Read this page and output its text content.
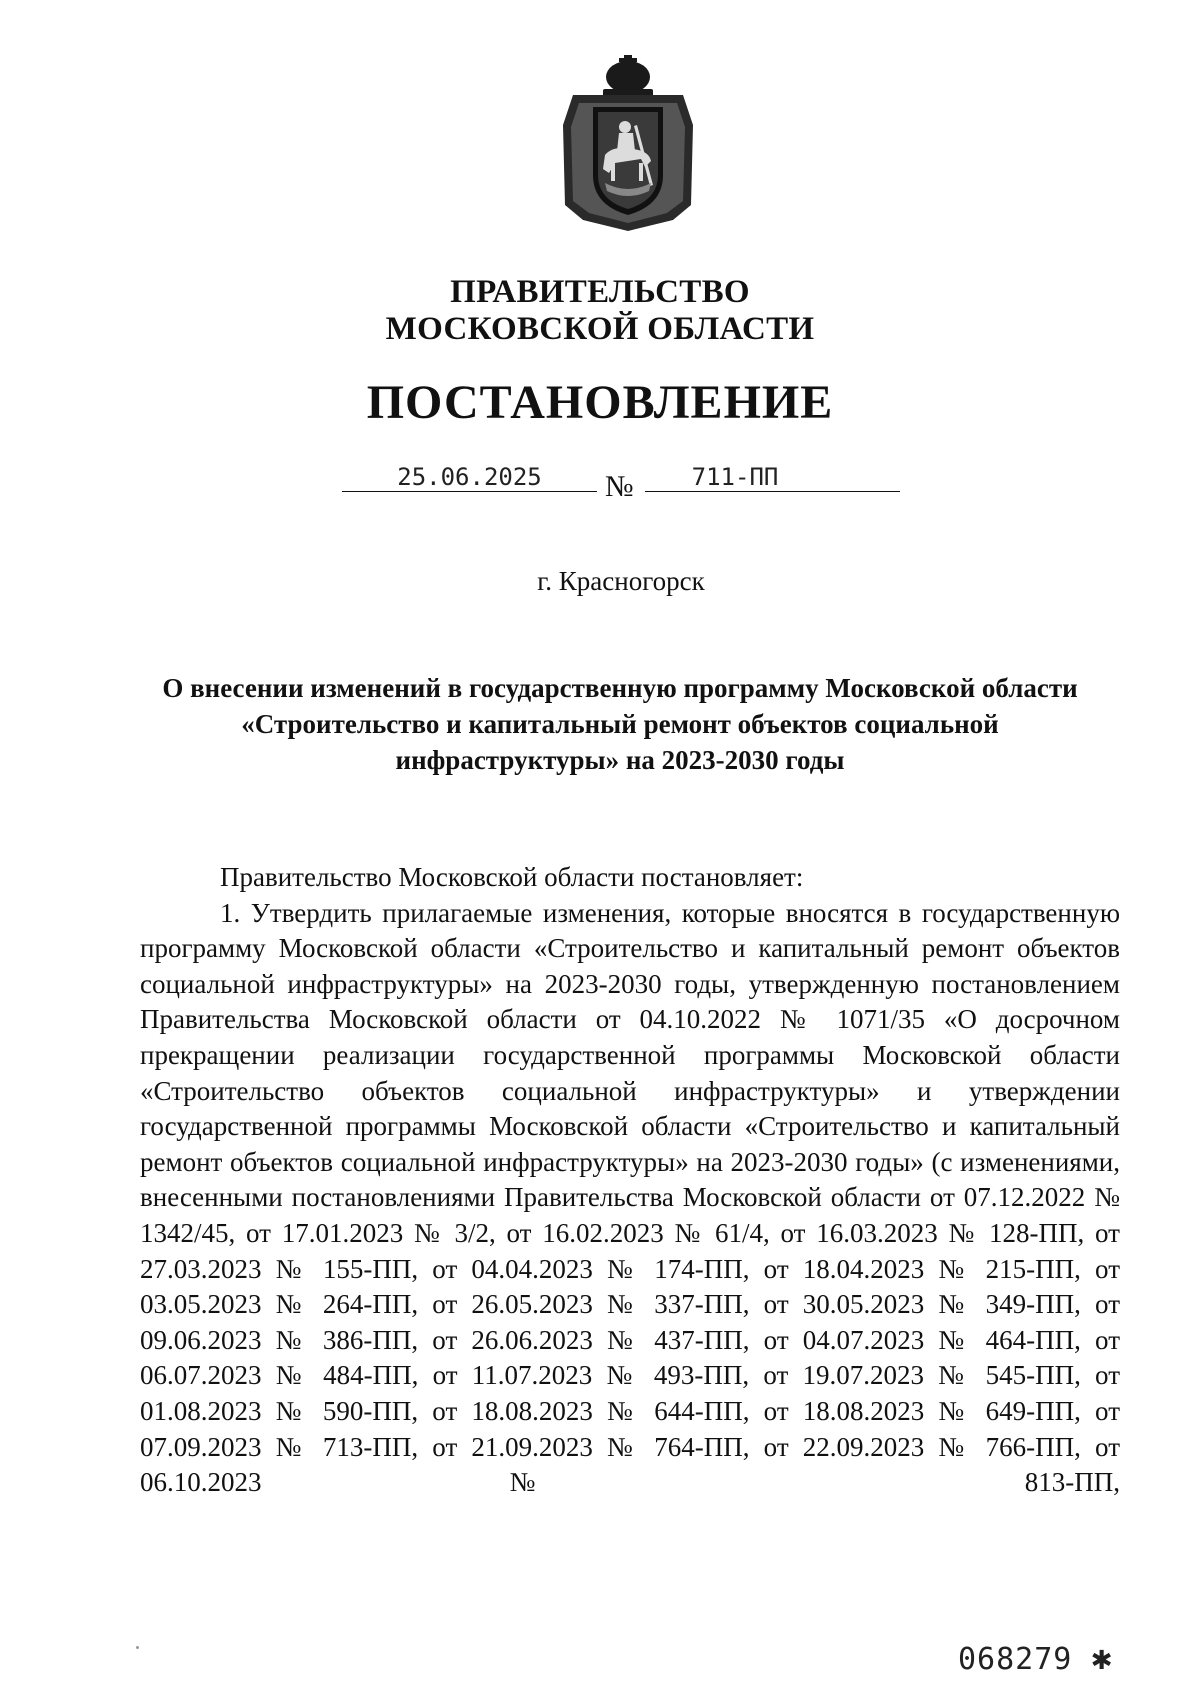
ПРАВИТЕЛЬСТВО
МОСКОВСКОЙ ОБЛАСТИ
ПОСТАНОВЛЕНИЕ
25.06.2025	№	711-ПП
г. Красногорск
О внесении изменений в государственную программу Московской области «Строительство и капитальный ремонт объектов социальной инфраструктуры» на 2023-2030 годы

Правительство Московской области постановляет:

1. Утвердить прилагаемые изменения, которые вносятся в государственную программу Московской области «Строительство и капитальный ремонт объектов социальной инфраструктуры» на 2023-2030 годы, утвержденную постановлением Правительства Московской области от 04.10.2022 № 1071/35 «О досрочном прекращении реализации государственной программы Московской области «Строительство объектов социальной инфраструктуры» и утверждении государственной программы Московской области «Строительство и капитальный ремонт объектов социальной инфраструктуры» на 2023-2030 годы» (с изменениями, внесенными постановлениями Правительства Московской области от 07.12.2022 № 1342/45, от 17.01.2023 № 3/2, от 16.02.2023 № 61/4, от 16.03.2023 № 128-ПП, от 27.03.2023 № 155-ПП, от 04.04.2023 № 174-ПП, от 18.04.2023 № 215-ПП, от 03.05.2023 № 264-ПП, от 26.05.2023 № 337-ПП, от 30.05.2023 № 349-ПП, от 09.06.2023 № 386-ПП, от 26.06.2023 № 437-ПП, от 04.07.2023 № 464-ПП, от 06.07.2023 № 484-ПП, от 11.07.2023 № 493-ПП, от 19.07.2023 № 545-ПП, от 01.08.2023 № 590-ПП, от 18.08.2023 № 644-ПП, от 18.08.2023 № 649-ПП, от 07.09.2023 № 713-ПП, от 21.09.2023 № 764-ПП, от 22.09.2023 № 766-ПП, от 06.10.2023 № 813-ПП,

068279 ✱
